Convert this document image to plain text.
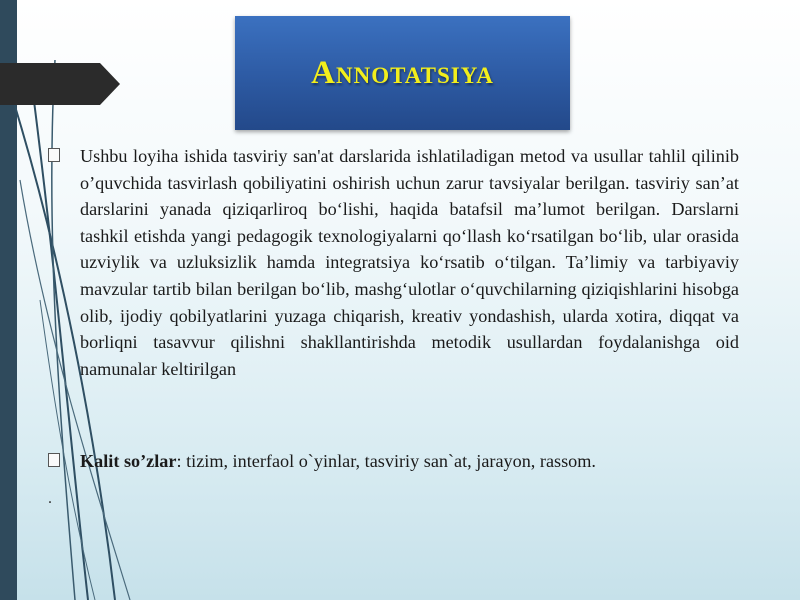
Annotatsiya

Ushbu loyiha ishida tasviriy san'at darslarida ishlatiladigan metod va usullar tahlil qilinib o’quvchida tasvirlash qobiliyatini oshirish uchun zarur tavsiyalar berilgan. tasviriy san’at darslarini yanada qiziqarliroq bo‘lishi, haqida batafsil ma’lumot berilgan. Darslarni tashkil etishda yangi pedagogik texnologiyalarni qo‘llash ko‘rsatilgan bo‘lib, ular orasida uzviylik va uzluksizlik hamda integratsiya ko‘rsatib o‘tilgan. Ta’limiy va tarbiyaviy mavzular tartib bilan berilgan bo‘lib, mashg‘ulotlar o‘quvchilarning qiziqishlarini hisobga olib, ijodiy qobilyatlarini yuzaga chiqarish, kreativ yondashish, ularda xotira, diqqat va borliqni tasavvur qilishni shakllantirishda metodik usullardan foydalanishga oid namunalar keltirilgan

Kalit so’zlar: tizim, interfaol o`yinlar, tasviriy san`at, jarayon, rassom.

.
